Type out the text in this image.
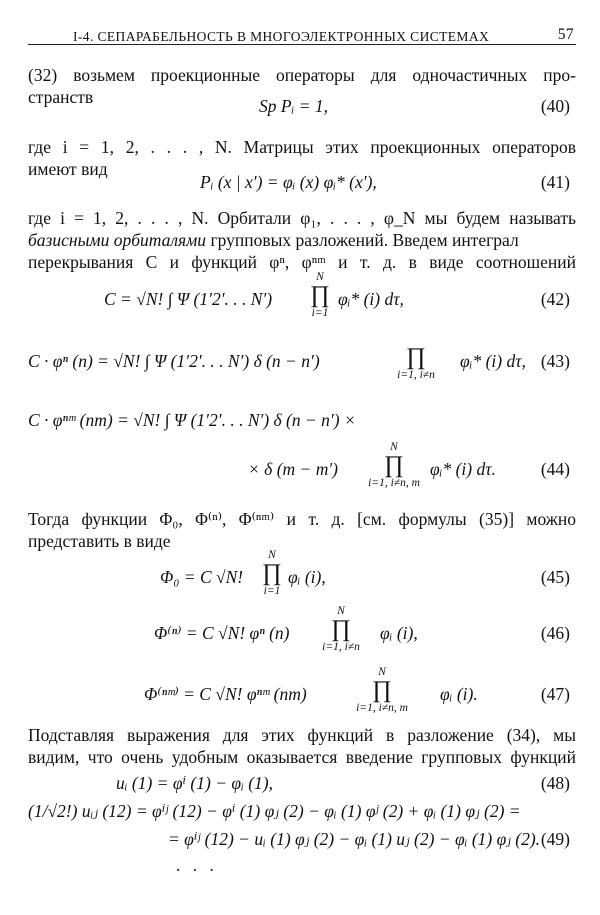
I-4. СЕПАРАБЕЛЬНОСТЬ В МНОГОЭЛЕКТРОННЫХ СИСТЕМАХ	57
(32) возьмем проекционные операторы для одночастичных про-
странств	Sp Pᵢ = 1,	(40)
где i = 1, 2, . . . , N. Матрицы этих проекционных операторов
имеют вид
Pᵢ (x | x′) = φᵢ (x) φᵢ* (x′),	(41)
где i = 1, 2, . . . , N. Орбитали φ₁, . . . , φ_N мы будем называть
базисными орбиталями групповых разложений. Введем интеграл
перекрывания C и функций φⁿ, φⁿᵐ и т. д. в виде соотношений
C = √N! ∫ Ψ (1′2′. . . N′)
N
∏
i=1
φᵢ* (i) dτ,	(42)
C · φⁿ (n) = √N! ∫ Ψ (1′2′. . . N′) δ (n − n′)	∏
i=1, i≠n
φᵢ* (i) dτ, (43)
C · φⁿᵐ (nm) = √N! ∫ Ψ (1′2′. . . N′) δ (n − n′) ×
× δ (m − m′)
N
∏
i=1, i≠n, m
φᵢ* (i) dτ.	(44)
Тогда функции Φ₀, Φ⁽ⁿ⁾, Φ⁽ⁿᵐ⁾ и т. д. [см. формулы (35)] можно
представить в виде
Φ₀ = C √N!
N
∏
i=1
φᵢ (i),	(45)
Φ⁽ⁿ⁾ = C √N! φⁿ (n)
N
∏
i=1, i≠n
φᵢ (i),	(46)
Φ⁽ⁿᵐ⁾ = C √N! φⁿᵐ (nm)
N
∏
i=1, i≠n, m
φᵢ (i).	(47)
Подставляя выражения для этих функций в разложение (34), мы
видим, что очень удобным оказывается введение групповых функций
uᵢ (1) = φⁱ (1) − φᵢ (1),	(48)
(1/√2!) uᵢⱼ (12) = φⁱʲ (12) − φⁱ (1) φⱼ (2) − φᵢ (1) φʲ (2) + φᵢ (1) φⱼ (2) =
= φⁱʲ (12) − uᵢ (1) φⱼ (2) − φᵢ (1) uⱼ (2) − φᵢ (1) φⱼ (2). (49)
. . .
